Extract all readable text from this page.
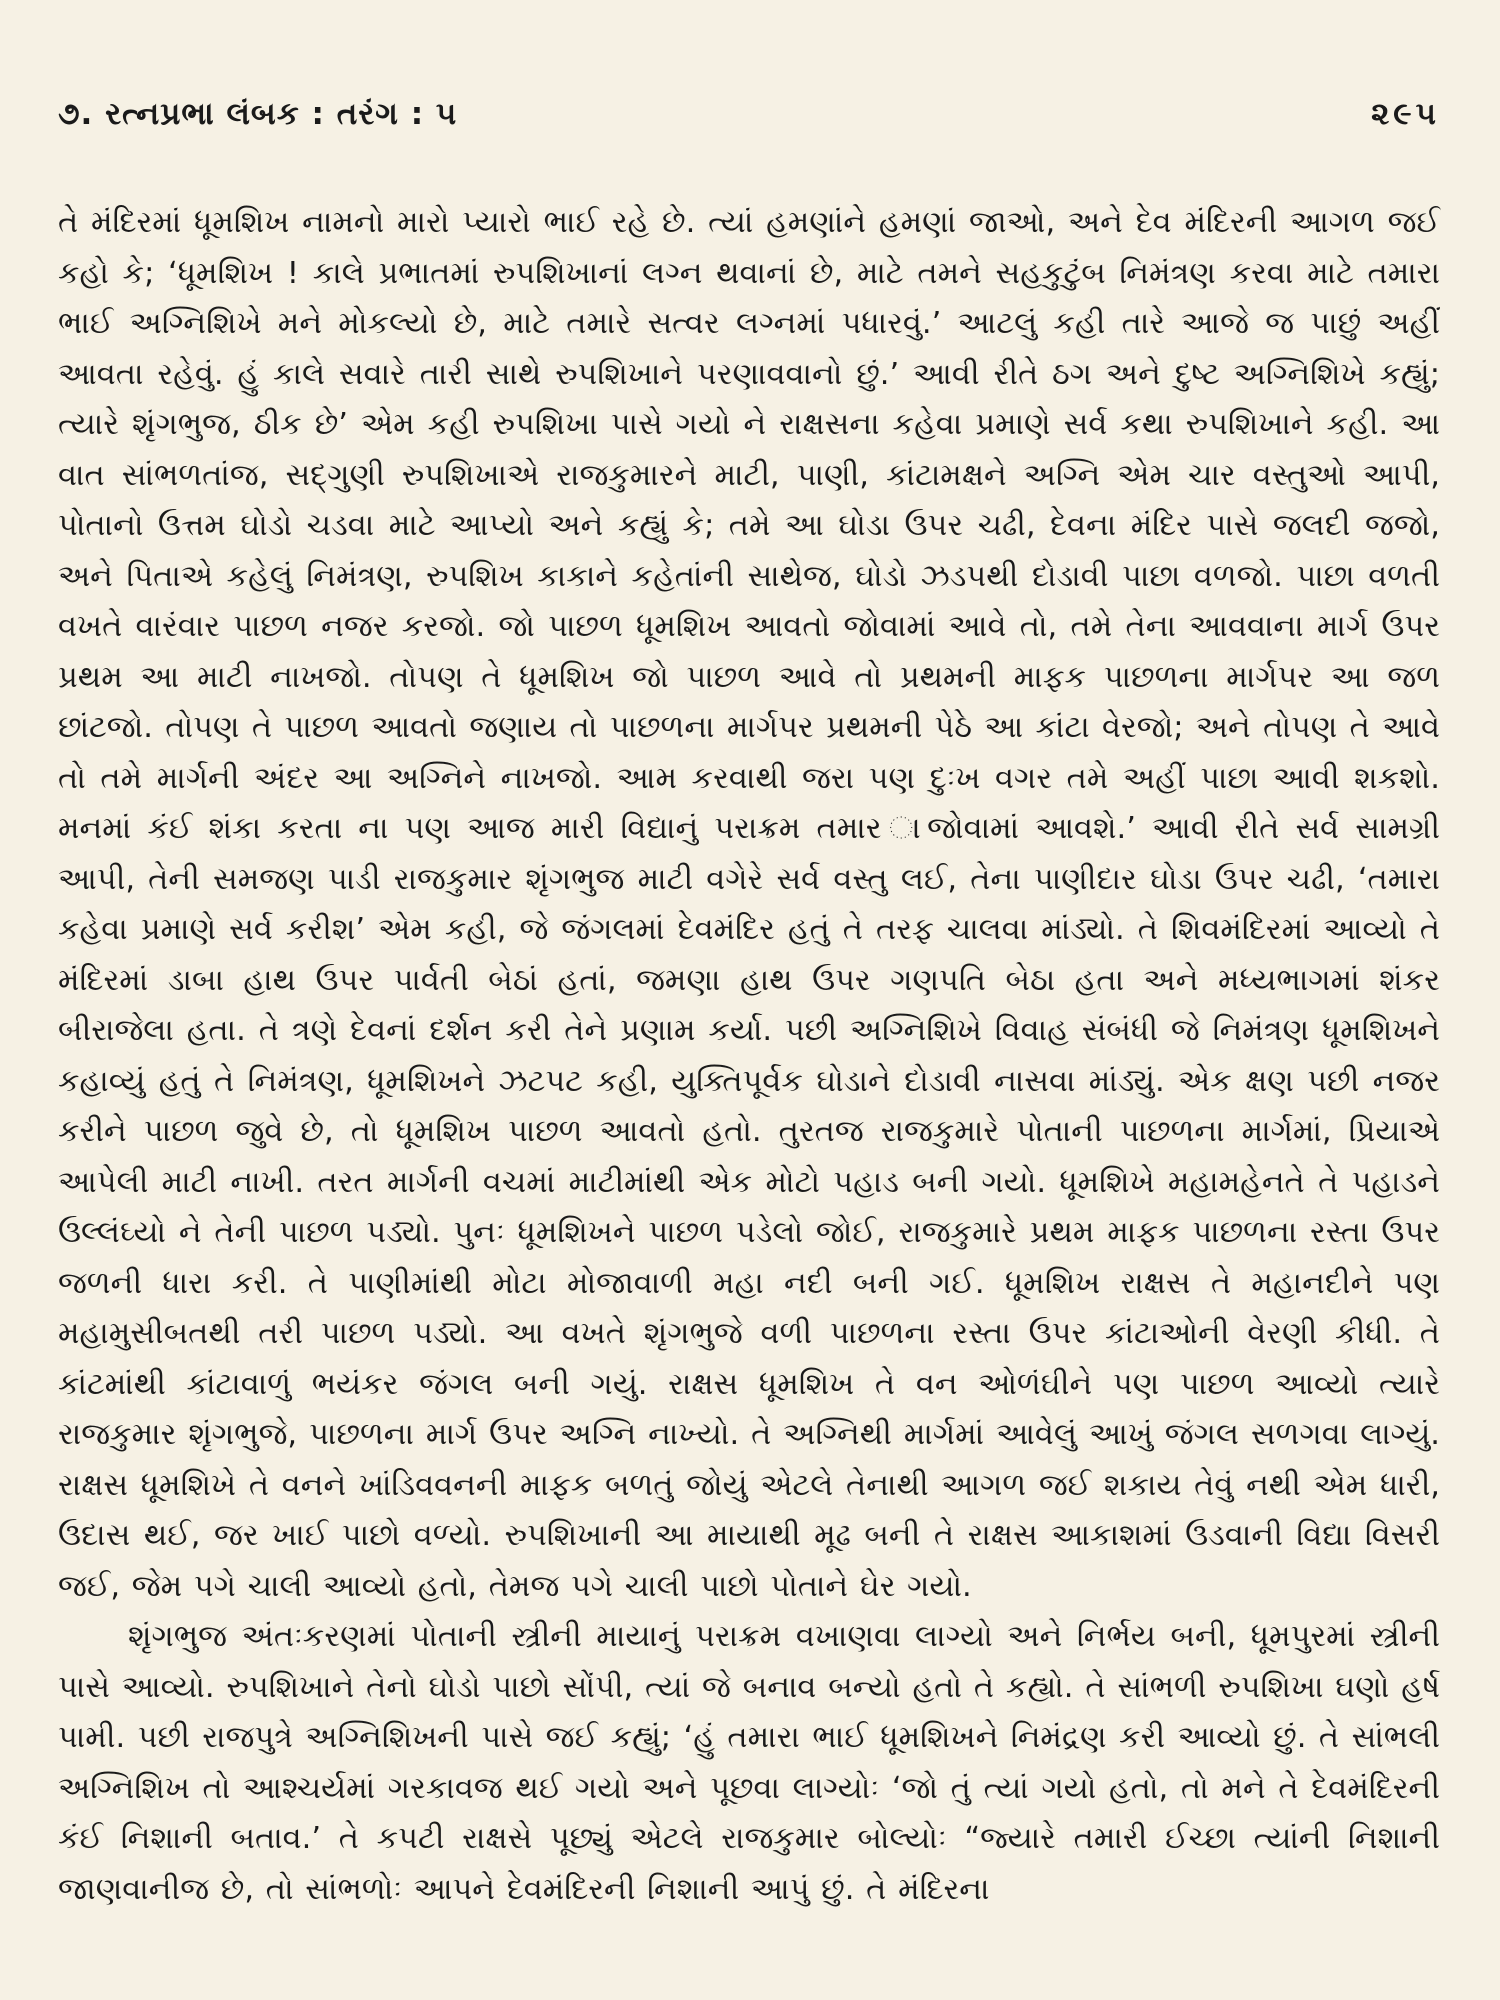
૭. રત્નપ્રભા લંબક : તરંગ : ૫	૨૯૫

તે મંદિરમાં ધૂમશિખ નામનો મારો પ્યારો ભાઈ રહે છે. ત્યાં હમણાંને હમણાં જાઓ, અને દેવ મંદિરની આગળ જઈ કહો કે; ‘ધૂમશિખ ! કાલે પ્રભાતમાં રુપશિખાનાં લગ્ન થવાનાં છે, માટે તમને સહકુટુંબ નિમંત્રણ કરવા માટે તમારા ભાઈ અગ્નિશિખે મને મોકલ્યો છે, માટે તમારે સત્વર લગ્નમાં પધારવું.’ આટલું કહી તારે આજે જ પાછું અહીં આવતા રહેવું. હું કાલે સવારે તારી સાથે રુપશિખાને પરણાવવાનો છું.’ આવી રીતે ઠગ અને દુષ્ટ અગ્નિશિખે કહ્યું; ત્યારે શૃંગભુજ, ઠીક છે’ એમ કહી રુપશિખા પાસે ગયો ને રાક્ષસના કહેવા પ્રમાણે સર્વ કથા રુપશિખાને કહી. આ વાત સાંભળતાંજ, સદ્ગુણી રુપશિખાએ રાજકુમારને માટી, પાણી, કાંટામક્ષને અગ્નિ એમ ચાર વસ્તુઓ આપી, પોતાનો ઉત્તમ ઘોડો ચડવા માટે આપ્યો અને કહ્યું કે; તમે આ ઘોડા ઉપર ચઢી, દેવના મંદિર પાસે જલદી જજો, અને પિતાએ કહેલું નિમંત્રણ, રુપશિખ કાકાને કહેતાંની સાથેજ, ઘોડો ઝડપથી દોડાવી પાછા વળજો. પાછા વળતી વખતે વારંવાર પાછળ નજર કરજો. જો પાછળ ધૂમશિખ આવતો જોવામાં આવે તો, તમે તેના આવવાના માર્ગ ઉપર પ્રથમ આ માટી નાખજો. તોપણ તે ધૂમશિખ જો પાછળ આવે તો પ્રથમની માફક પાછળના માર્ગપર આ જળ છાંટજો. તોપણ તે પાછળ આવતો જણાય તો પાછળના માર્ગપર પ્રથમની પેઠે આ કાંટા વેરજો; અને તોપણ તે આવે તો તમે માર્ગની અંદર આ અગ્નિને નાખજો. આમ કરવાથી જરા પણ દુઃખ વગર તમે અહીં પાછા આવી શકશો. મનમાં કંઈ શંકા કરતા ના પણ આજ મારી વિદ્યાનું પરાક્રમ તમાર ાજોવામાં આવશે.’ આવી રીતે સર્વ સામગ્રી આપી, તેની સમજણ પાડી રાજકુમાર શૃંગભુજ માટી વગેરે સર્વ વસ્તુ લઈ, તેના પાણીદાર ઘોડા ઉપર ચઢી, ‘તમારા કહેવા પ્રમાણે સર્વ કરીશ’ એમ કહી, જે જંગલમાં દેવમંદિર હતું તે તરફ ચાલવા માંડ્યો. તે શિવમંદિરમાં આવ્યો તે મંદિરમાં ડાબા હાથ ઉપર પાર્વતી બેઠાં હતાં, જમણા હાથ ઉપર ગણપતિ બેઠા હતા અને મધ્યભાગમાં શંકર બીરાજેલા હતા. તે ત્રણે દેવનાં દર્શન કરી તેને પ્રણામ કર્યા. પછી અગ્નિશિખે વિવાહ સંબંધી જે નિમંત્રણ ધૂમશિખને કહાવ્યું હતું તે નિમંત્રણ, ધૂમશિખને ઝટપટ કહી, યુક્તિપૂર્વક ઘોડાને દોડાવી નાસવા માંડ્યું. એક ક્ષણ પછી નજર કરીને પાછળ જુવે છે, તો ધૂમશિખ પાછળ આવતો હતો. તુરતજ રાજકુમારે પોતાની પાછળના માર્ગમાં, પ્રિયાએ આપેલી માટી નાખી. તરત માર્ગની વચમાં માટીમાંથી એક મોટો પહાડ બની ગયો. ધૂમશિખે મહામહેનતે તે પહાડને ઉલ્લંઘ્યો ને તેની પાછળ પડ્યો. પુનઃ ધૂમશિખને પાછળ પડેલો જોઈ, રાજકુમારે પ્રથમ માફક પાછળના રસ્તા ઉપર જળની ધારા કરી. તે પાણીમાંથી મોટા મોજાવાળી મહા નદી બની ગઈ. ધૂમશિખ રાક્ષસ તે મહાનદીને પણ મહામુસીબતથી તરી પાછળ પડ્યો. આ વખતે શૃંગભુજે વળી પાછળના રસ્તા ઉપર કાંટાઓની વેરણી કીધી. તે કાંટમાંથી કાંટાવાળું ભયંકર જંગલ બની ગયું. રાક્ષસ ધૂમશિખ તે વન ઓળંઘીને પણ પાછળ આવ્યો ત્યારે રાજકુમાર શૃંગભુજે, પાછળના માર્ગ ઉપર અગ્નિ નાખ્યો. તે અગ્નિથી માર્ગમાં આવેલું આખું જંગલ સળગવા લાગ્યું. રાક્ષસ ધૂમશિખે તે વનને ખાંડિવવનની માફક બળતું જોયું એટલે તેનાથી આગળ જઈ શકાય તેવું નથી એમ ધારી, ઉદાસ થઈ, જર ખાઈ પાછો વળ્યો. રુપશિખાની આ માયાથી મૂઢ બની તે રાક્ષસ આકાશમાં ઉડવાની વિદ્યા વિસરી જઈ, જેમ પગે ચાલી આવ્યો હતો, તેમજ પગે ચાલી પાછો પોતાને ઘેર ગયો.

શૃંગભુજ અંતઃકરણમાં પોતાની સ્ત્રીની માયાનું પરાક્રમ વખાણવા લાગ્યો અને નિર્ભય બની, ધૂમપુરમાં સ્ત્રીની પાસે આવ્યો. રુપશિખાને તેનો ઘોડો પાછો સોંપી, ત્યાં જે બનાવ બન્યો હતો તે કહ્યો. તે સાંભળી રુપશિખા ઘણો હર્ષ પામી. પછી રાજપુત્રે અગ્નિશિખની પાસે જઈ કહ્યું; ‘હું તમારા ભાઈ ધૂમશિખને નિમંદ્રણ કરી આવ્યો છું. તે સાંભલી અગ્નિશિખ તો આશ્ચર્યમાં ગરકાવજ થઈ ગયો અને પૂછવા લાગ્યોઃ ‘જો તું ત્યાં ગયો હતો, તો મને તે દેવમંદિરની કંઈ નિશાની બતાવ.’ તે કપટી રાક્ષસે પૂછ્યું એટલે રાજકુમાર બોલ્યોઃ “જ્યારે તમારી ઈચ્છા ત્યાંની નિશાની જાણવાનીજ છે, તો સાંભળોઃ આપને દેવમંદિરની નિશાની આપું છું. તે મંદિરના
